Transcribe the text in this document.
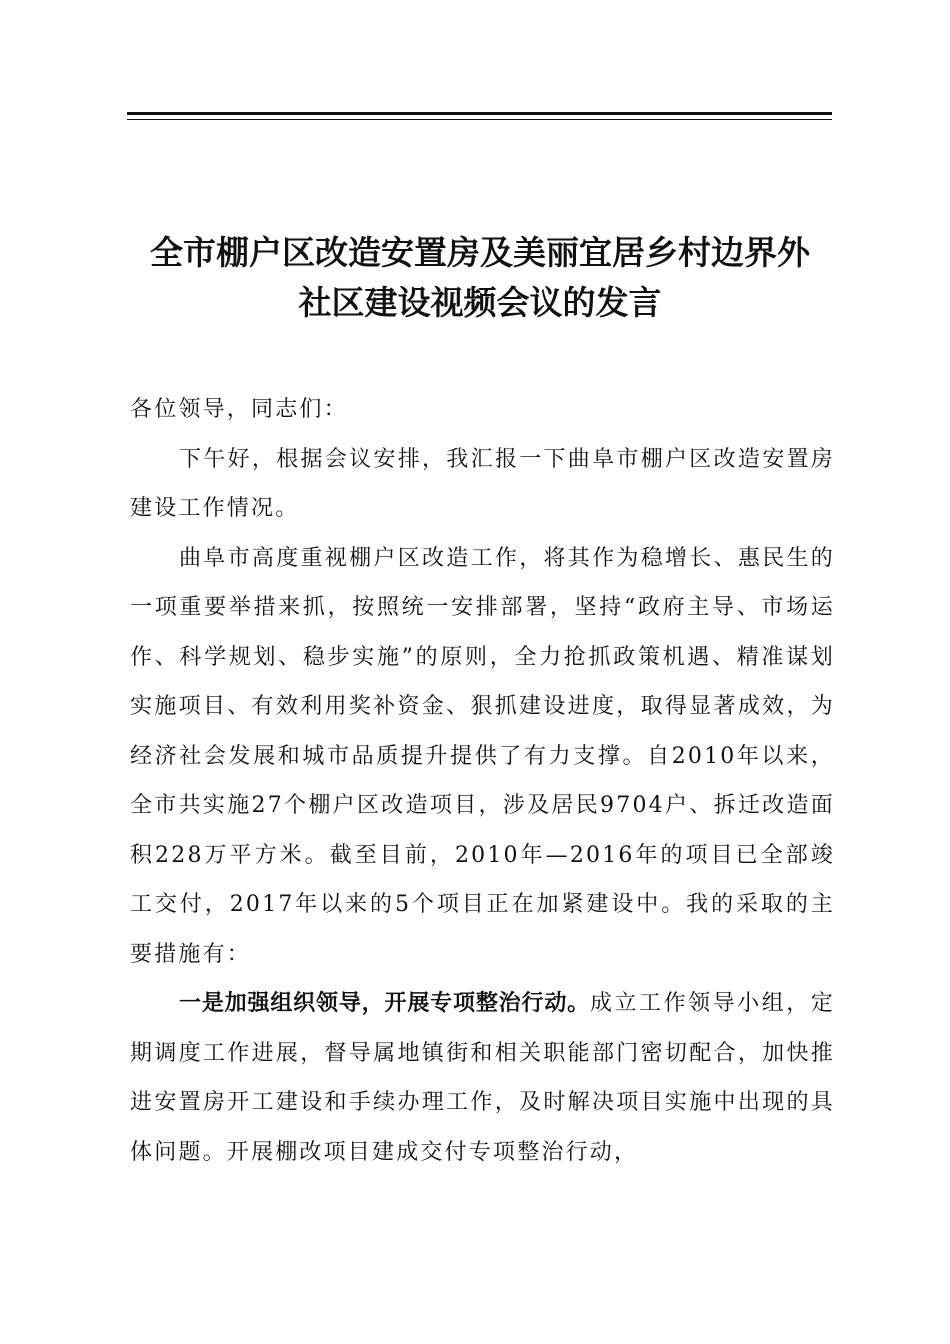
全市棚户区改造安置房及美丽宜居乡村边界外
社区建设视频会议的发言

各位领导，同志们：

下午好，根据会议安排，我汇报一下曲阜市棚户区改造安置房建设工作情况。

曲阜市高度重视棚户区改造工作，将其作为稳增长、惠民生的一项重要举措来抓，按照统一安排部署，坚持“政府主导、市场运作、科学规划、稳步实施”的原则，全力抢抓政策机遇、精准谋划实施项目、有效利用奖补资金、狠抓建设进度，取得显著成效，为经济社会发展和城市品质提升提供了有力支撑。自2010年以来，全市共实施27个棚户区改造项目，涉及居民9704户、拆迁改造面积228万平方米。截至目前，2010年—2016年的项目已全部竣工交付，2017年以来的5个项目正在加紧建设中。我的采取的主要措施有：

一是加强组织领导，开展专项整治行动。成立工作领导小组，定期调度工作进展，督导属地镇街和相关职能部门密切配合，加快推进安置房开工建设和手续办理工作，及时解决项目实施中出现的具体问题。开展棚改项目建成交付专项整治行动，
